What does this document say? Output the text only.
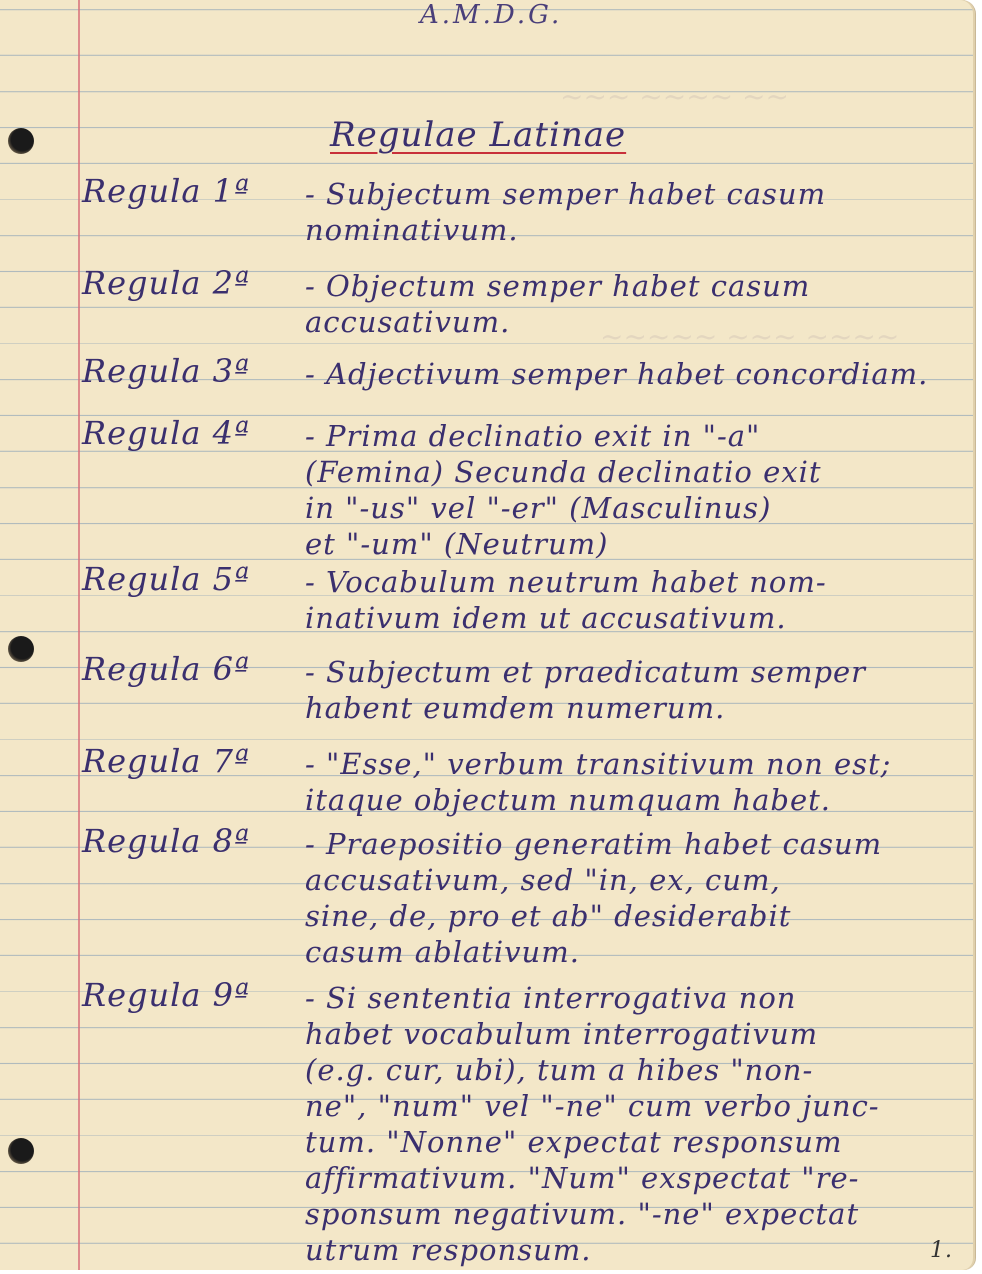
~~~ ~~~~ ~~
~~~~~ ~~~ ~~~~
A.M.D.G.
Regulae Latinae
Regula 1ª - Subjectum semper habet casum
nominativum.
Regula 2ª - Objectum semper habet casum
accusativum.
Regula 3ª - Adjectivum semper habet concordiam.
Regula 4ª - Prima declinatio exit in "-a"
(Femina) Secunda declinatio exit
in "-us" vel "-er" (Masculinus)
et "-um" (Neutrum)
Regula 5ª - Vocabulum neutrum habet nom-
inativum idem ut accusativum.
Regula 6ª - Subjectum et praedicatum semper
habent eumdem numerum.
Regula 7ª - "Esse," verbum transitivum non est;
itaque objectum numquam habet.
Regula 8ª - Praepositio generatim habet casum
accusativum, sed "in, ex, cum,
sine, de, pro et ab" desiderabit
casum ablativum.
Regula 9ª - Si sententia interrogativa non
habet vocabulum interrogativum
(e.g. cur, ubi), tum a hibes "non-
ne", "num" vel "-ne" cum verbo junc-
tum. "Nonne" expectat responsum
affirmativum. "Num" exspectat "re-
sponsum negativum. "-ne" expectat
utrum responsum.	1.
